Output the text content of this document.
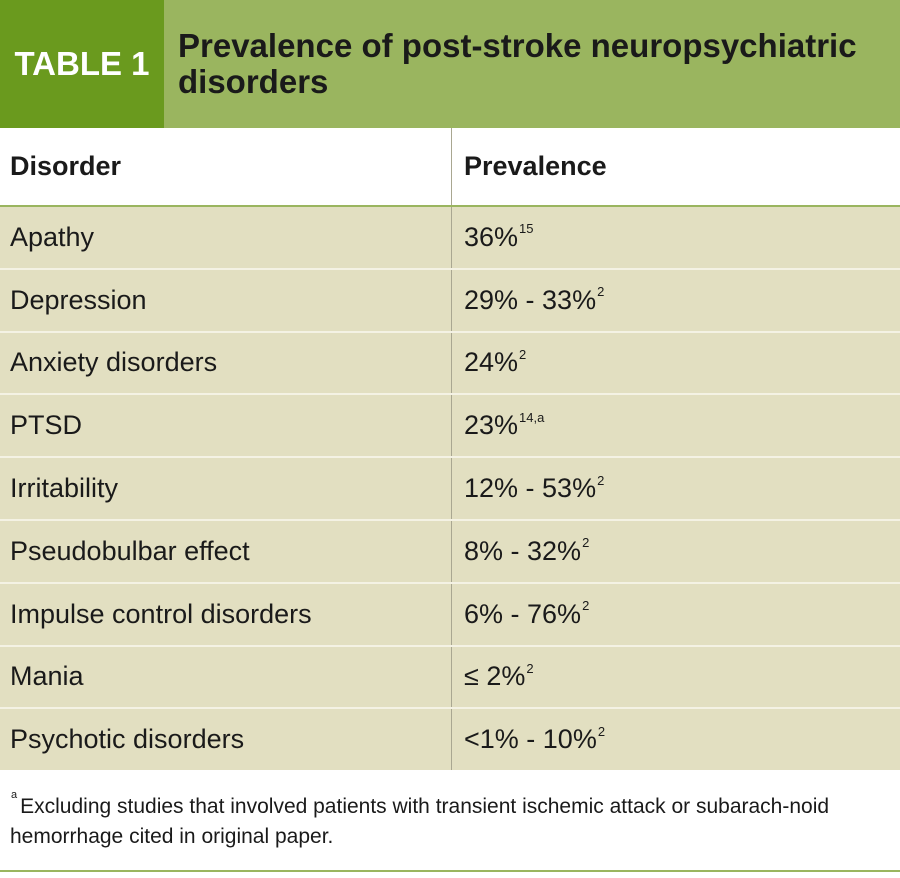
TABLE 1 Prevalence of post-stroke neuropsychiatric disorders
Disorder	Prevalence
Apathy	36%$^{15}$
Depression	29% - 33%$^2$
Anxiety disorders	24%$^2$
PTSD	23%$^{14,a}$
Irritability	12% - 53%$^2$
Pseudobulbar effect	8% - 32%$^2$
Impulse control disorders	6% - 76%$^2$
Mania	≤ 2%$^2$
Psychotic disorders	<1% - 10%$^2$
$^a$ Excluding studies that involved patients with transient ischemic attack or subarach-noid hemorrhage cited in original paper.
